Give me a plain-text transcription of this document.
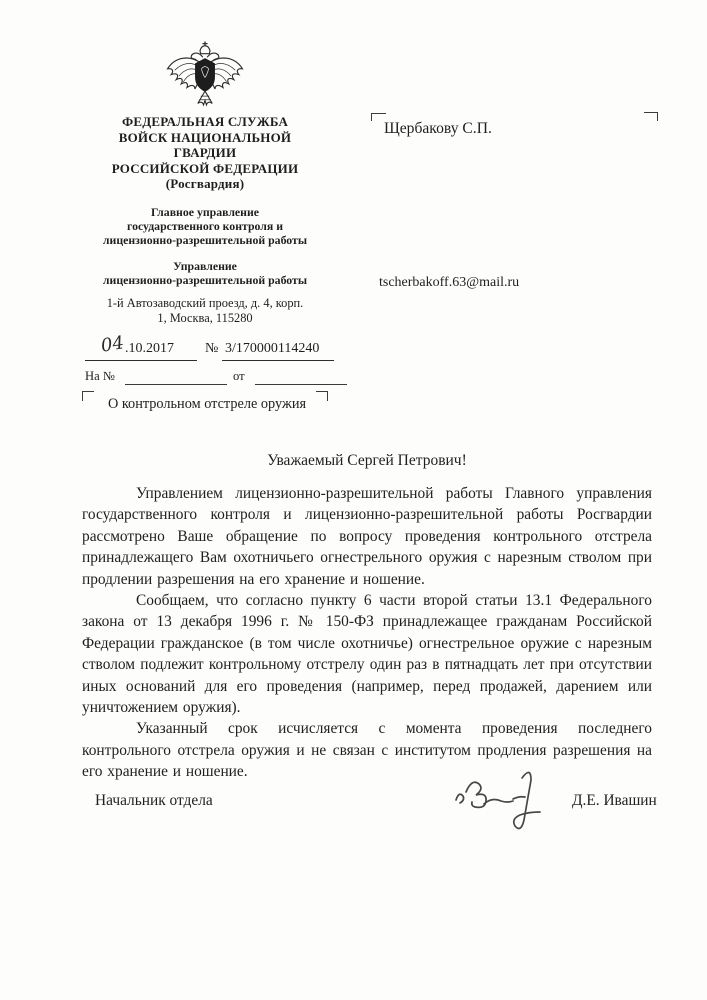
ФЕДЕРАЛЬНАЯ СЛУЖБА
ВОЙСК НАЦИОНАЛЬНОЙ
ГВАРДИИ
РОССИЙСКОЙ ФЕДЕРАЦИИ
(Росгвардия)
Главное управление
государственного контроля и
лицензионно-разрешительной работы
Управление
лицензионно-разрешительной работы
1-й Автозаводский проезд, д. 4, корп.
1, Москва, 115280
04 .10.2017 № 3/170000114240
На №	от
О контрольном отстреле оружия
Щербакову С.П.
tscherbakoff.63@mail.ru
Уважаемый Сергей Петрович!

Управлением лицензионно-разрешительной работы Главного управления государственного контроля и лицензионно-разрешительной работы Росгвардии рассмотрено Ваше обращение по вопросу проведения контрольного отстрела принадлежащего Вам охотничьего огнестрельного оружия с нарезным стволом при продлении разрешения на его хранение и ношение.

Сообщаем, что согласно пункту 6 части второй статьи 13.1 Федерального закона от 13 декабря 1996 г. № 150-ФЗ принадлежащее гражданам Российской Федерации гражданское (в том числе охотничье) огнестрельное оружие с нарезным стволом подлежит контрольному отстрелу один раз в пятнадцать лет при отсутствии иных оснований для его проведения (например, перед продажей, дарением или уничтожением оружия).

Указанный срок исчисляется с момента проведения последнего контрольного отстрела оружия и не связан с институтом продления разрешения на его хранение и ношение.

Начальник отдела	Д.Е. Ивашин
